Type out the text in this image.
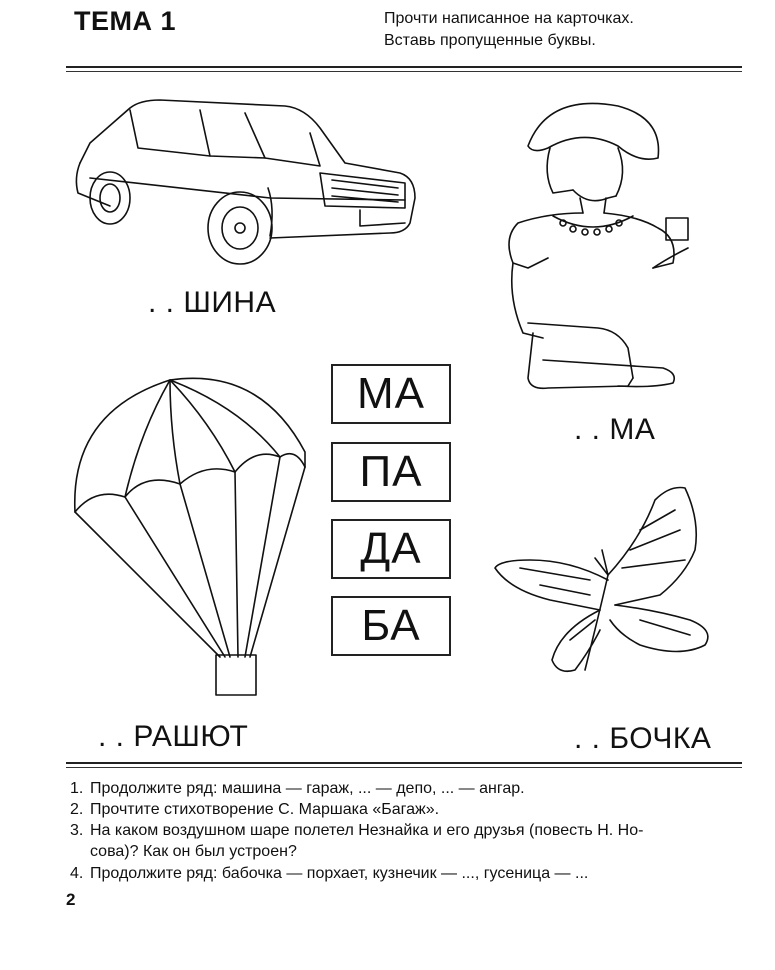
ТЕМА 1	Прочти написанное на карточках.
Вставь пропущенные буквы.
. . ШИНА
. . МА
МА
ПА
ДА
БА
. . РАШЮТ	. . БОЧКА
1. Продолжите ряд: машина — гараж, ... — депо, ... — ангар.
2. Прочтите стихотворение С. Маршака «Багаж».
3. На каком воздушном шаре полетел Незнайка и его друзья (повесть Н. Но-
сова)? Как он был устроен?
4. Продолжите ряд: бабочка — порхает, кузнечик — ..., гусеница — ...
2
